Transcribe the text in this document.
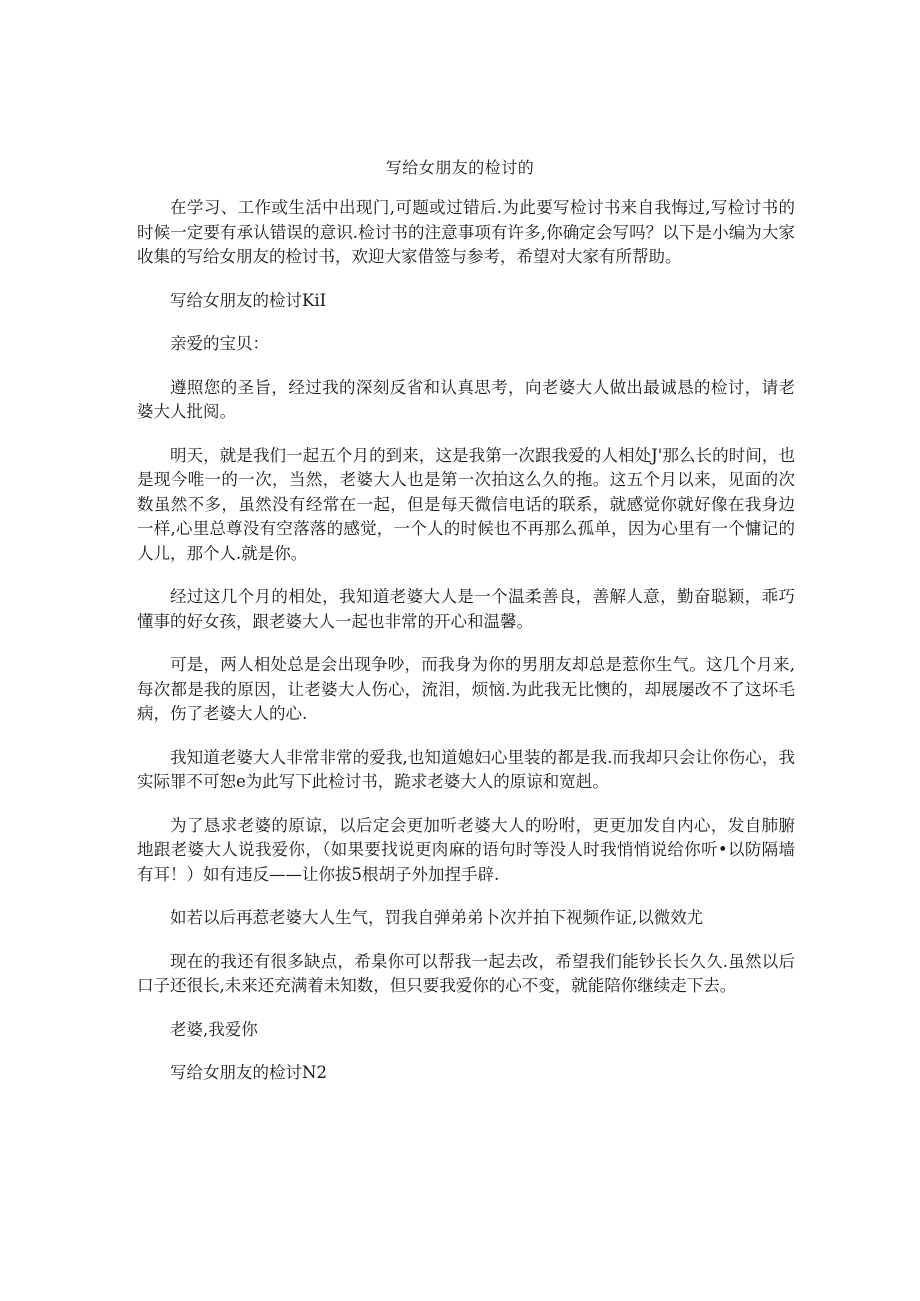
写给女朋友的检讨的

在学习、工作或生活中出现门,可题或过错后.为此要写检讨书来自我悔过,写检讨书的时候一定要有承认错误的意识.检讨书的注意事项有许多,你确定会写吗？以下是小编为大家收集的写给女朋友的检讨书，欢迎大家借签与参考，希望对大家有所帮助。

写给女朋友的检讨KiI

亲爱的宝贝：

遵照您的圣旨，经过我的深刻反省和认真思考，向老婆大人做出最诚恳的检讨，请老婆大人批阅。

明天，就是我们一起五个月的到来，这是我第一次跟我爱的人相处J'那么长的时间，也是现今唯一的一次，当然，老婆大人也是第一次拍这么久的拖。这五个月以来，见面的次数虽然不多，虽然没有经常在一起，但是每天微信电话的联系，就感觉你就好像在我身边一样,心里总尊没有空落落的感觉，一个人的时候也不再那么孤单，因为心里有一个慵记的人儿，那个人.就是你。

经过这几个月的相处，我知道老婆大人是一个温柔善良，善解人意，勤奋聪颖，乖巧懂事的好女孩，跟老婆大人一起也非常的开心和温馨。

可是，两人相处总是会出现争吵，而我身为你的男朋友却总是惹你生气。这几个月来,每次都是我的原因，让老婆大人伤心，流泪，烦恼.为此我无比懊的，却展屡改不了这坏毛病，伤了老婆大人的心.

我知道老婆大人非常非常的爱我,也知道媳妇心里装的都是我.而我却只会让你伤心，我实际罪不可恕e为此写下此检讨书，跪求老婆大人的原谅和宽赳。

为了恳求老婆的原谅，以后定会更加听老婆大人的吩咐，更更加发自内心，发自肺腑地跟老婆大人说我爱你，（如果要找说更肉麻的语句时等没人时我悄悄说给你听•以防隔墙有耳！）如有违反——让你拔5根胡子外加捏手辟.

如若以后再惹老婆大人生气，罚我自弹弟弟卜次并拍下视频作证,以微效尤

现在的我还有很多缺点，希臬你可以帮我一起去改，希望我们能钞长长久久.虽然以后口子还很长,未来还充满着未知数，但只要我爱你的心不变，就能陪你继续走下去。

老婆,我爱你

写给女朋友的检讨N2
